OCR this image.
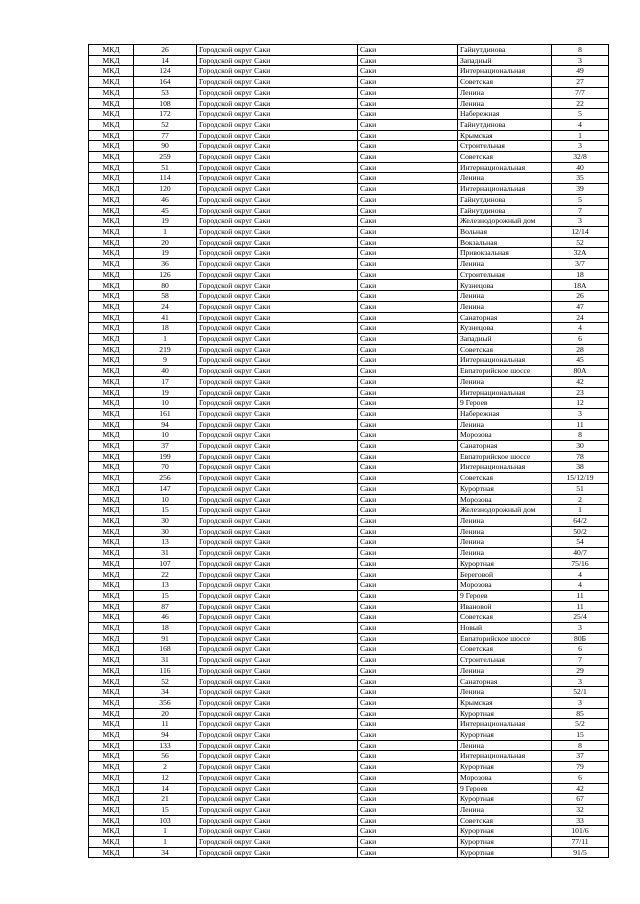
МКД	26	Городской округ Саки	Саки	Гайнутдинова	8
МКД	14	Городской округ Саки	Саки	Западный	3
МКД	124	Городской округ Саки	Саки	Интернациональная	49
МКД	164	Городской округ Саки	Саки	Советская	27
МКД	53	Городской округ Саки	Саки	Ленина	7/7
МКД	108	Городской округ Саки	Саки	Ленина	22
МКД	172	Городской округ Саки	Саки	Набережная	5
МКД	52	Городской округ Саки	Саки	Гайнутдинова	4
МКД	77	Городской округ Саки	Саки	Крымская	1
МКД	90	Городской округ Саки	Саки	Строительная	3
МКД	259	Городской округ Саки	Саки	Советская	32/8
МКД	51	Городской округ Саки	Саки	Интернациональная	40
МКД	114	Городской округ Саки	Саки	Ленина	35
МКД	120	Городской округ Саки	Саки	Интернациональная	39
МКД	46	Городской округ Саки	Саки	Гайнутдинова	5
МКД	45	Городской округ Саки	Саки	Гайнутдинова	7
МКД	19	Городской округ Саки	Саки	Железнодорожный дом	3
МКД	1	Городской округ Саки	Саки	Вольная	12/14
МКД	20	Городской округ Саки	Саки	Вокзальная	52
МКД	19	Городской округ Саки	Саки	Привокзальная	32А
МКД	36	Городской округ Саки	Саки	Ленина	3/7
МКД	126	Городской округ Саки	Саки	Строительная	18
МКД	80	Городской округ Саки	Саки	Кузнецова	18А
МКД	58	Городской округ Саки	Саки	Ленина	26
МКД	24	Городской округ Саки	Саки	Ленина	47
МКД	41	Городской округ Саки	Саки	Санаторная	24
МКД	18	Городской округ Саки	Саки	Кузнецова	4
МКД	1	Городской округ Саки	Саки	Западный	6
МКД	219	Городской округ Саки	Саки	Советская	28
МКД	9	Городской округ Саки	Саки	Интернациональная	45
МКД	40	Городской округ Саки	Саки	Евпаторийское шоссе	80А
МКД	17	Городской округ Саки	Саки	Ленина	42
МКД	19	Городской округ Саки	Саки	Интернациональная	23
МКД	10	Городской округ Саки	Саки	9 Героев	12
МКД	161	Городской округ Саки	Саки	Набережная	3
МКД	94	Городской округ Саки	Саки	Ленина	11
МКД	10	Городской округ Саки	Саки	Морозова	8
МКД	37	Городской округ Саки	Саки	Санаторная	30
МКД	199	Городской округ Саки	Саки	Евпаторийское шоссе	78
МКД	70	Городской округ Саки	Саки	Интернациональная	38
МКД	256	Городской округ Саки	Саки	Советская	15/12/19
МКД	147	Городской округ Саки	Саки	Курортная	51
МКД	10	Городской округ Саки	Саки	Морозова	2
МКД	15	Городской округ Саки	Саки	Железнодорожный дом	1
МКД	30	Городской округ Саки	Саки	Ленина	64/2
МКД	30	Городской округ Саки	Саки	Ленина	50/2
МКД	13	Городской округ Саки	Саки	Ленина	54
МКД	31	Городской округ Саки	Саки	Ленина	40/7
МКД	107	Городской округ Саки	Саки	Курортная	75/16
МКД	22	Городской округ Саки	Саки	Береговой	4
МКД	13	Городской округ Саки	Саки	Морозова	4
МКД	15	Городской округ Саки	Саки	9 Героев	11
МКД	87	Городской округ Саки	Саки	Ивановой	11
МКД	46	Городской округ Саки	Саки	Советская	25/4
МКД	18	Городской округ Саки	Саки	Новый	3
МКД	91	Городской округ Саки	Саки	Евпаторийское шоссе	80Б
МКД	168	Городской округ Саки	Саки	Советская	6
МКД	31	Городской округ Саки	Саки	Строительная	7
МКД	116	Городской округ Саки	Саки	Ленина	29
МКД	52	Городской округ Саки	Саки	Санаторная	3
МКД	34	Городской округ Саки	Саки	Ленина	52/1
МКД	356	Городской округ Саки	Саки	Крымская	3
МКД	20	Городской округ Саки	Саки	Курортная	85
МКД	11	Городской округ Саки	Саки	Интернациональная	5/2
МКД	94	Городской округ Саки	Саки	Курортная	15
МКД	133	Городской округ Саки	Саки	Ленина	8
МКД	56	Городской округ Саки	Саки	Интернациональная	37
МКД	2	Городской округ Саки	Саки	Курортная	79
МКД	12	Городской округ Саки	Саки	Морозова	6
МКД	14	Городской округ Саки	Саки	9 Героев	42
МКД	21	Городской округ Саки	Саки	Курортная	67
МКД	15	Городской округ Саки	Саки	Ленина	32
МКД	103	Городской округ Саки	Саки	Советская	33
МКД	1	Городской округ Саки	Саки	Курортная	101/6
МКД	1	Городской округ Саки	Саки	Курортная	77/11
МКД	34	Городской округ Саки	Саки	Курортная	91/5
